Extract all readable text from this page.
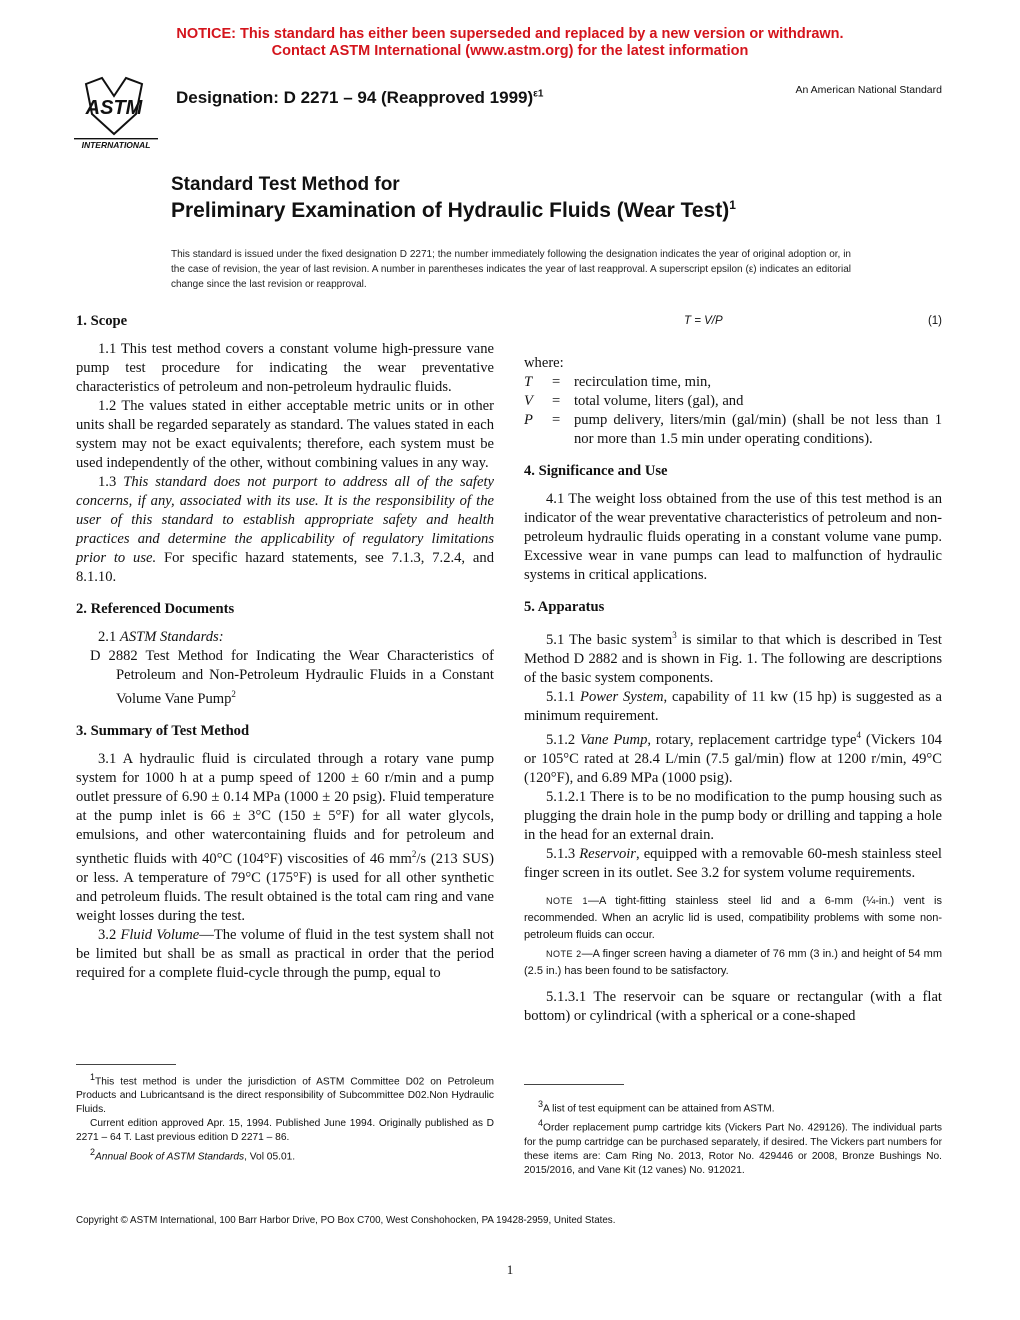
NOTICE: This standard has either been superseded and replaced by a new version or withdrawn.
Contact ASTM International (www.astm.org) for the latest information
ASTM
INTERNATIONAL
Designation: D 2271 – 94 (Reapproved 1999)$^{\varepsilon 1}$	An American National Standard
Standard Test Method for
Preliminary Examination of Hydraulic Fluids (Wear Test)$^1$
This standard is issued under the fixed designation D 2271; the number immediately following the designation indicates the year of original adoption or, in the case of revision, the year of last revision. A number in parentheses indicates the year of last reapproval. A superscript epsilon (ε) indicates an editorial change since the last revision or reapproval.
1. Scope

1.1 This test method covers a constant volume high-pressure vane pump test procedure for indicating the wear preventative characteristics of petroleum and non-petroleum hydraulic fluids.

1.2 The values stated in either acceptable metric units or in other units shall be regarded separately as standard. The values stated in each system may not be exact equivalents; therefore, each system must be used independently of the other, without combining values in any way.

1.3 This standard does not purport to address all of the safety concerns, if any, associated with its use. It is the responsibility of the user of this standard to establish appropriate safety and health practices and determine the applicability of regulatory limitations prior to use. For specific hazard statements, see 7.1.3, 7.2.4, and 8.1.10.

2. Referenced Documents

2.1 ASTM Standards:

D 2882 Test Method for Indicating the Wear Characteristics of Petroleum and Non-Petroleum Hydraulic Fluids in a Constant Volume Vane Pump$^2$

3. Summary of Test Method

3.1 A hydraulic fluid is circulated through a rotary vane pump system for 1000 h at a pump speed of 1200 ± 60 r/min and a pump outlet pressure of 6.90 ± 0.14 MPa (1000 ± 20 psig). Fluid temperature at the pump inlet is 66 ± 3°C (150 ± 5°F) for all water glycols, emulsions, and other watercontaining fluids and for petroleum and synthetic fluids with 40°C (104°F) viscosities of 46 $mm^2/s$ (213 SUS) or less. A temperature of 79°C (175°F) is used for all other synthetic and petroleum fluids. The result obtained is the total cam ring and vane weight losses during the test.

3.2 Fluid Volume—The volume of fluid in the test system shall not be limited but shall be as small as practical in order that the period required for a complete fluid-cycle through the pump, equal to

T = V/P	(1)

where:

T	=	recirculation time, min,
V	=	total volume, liters (gal), and
P	=	pump delivery, liters/min (gal/min) (shall be not less than 1 nor more than 1.5 min under operating conditions).
4. Significance and Use

4.1 The weight loss obtained from the use of this test method is an indicator of the wear preventative characteristics of petroleum and non-petroleum hydraulic fluids operating in a constant volume vane pump. Excessive wear in vane pumps can lead to malfunction of hydraulic systems in critical applications.

5. Apparatus

5.1 The basic system$^3$ is similar to that which is described in Test Method D 2882 and is shown in Fig. 1. The following are descriptions of the basic system components.

5.1.1 Power System, capability of 11 kw (15 hp) is suggested as a minimum requirement.

5.1.2 Vane Pump, rotary, replacement cartridge type$^4$ (Vickers 104 or 105°C rated at 28.4 L/min (7.5 gal/min) flow at 1200 r/min, 49°C (120°F), and 6.89 MPa (1000 psig).

5.1.2.1 There is to be no modification to the pump housing such as plugging the drain hole in the pump body or drilling and tapping a hole in the head for an external drain.

5.1.3 Reservoir, equipped with a removable 60-mesh stainless steel finger screen in its outlet. See 3.2 for system volume requirements.

NOTE 1—A tight-fitting stainless steel lid and a 6-mm (¼-in.) vent is recommended. When an acrylic lid is used, compatibility problems with some non-petroleum fluids can occur.

NOTE 2—A finger screen having a diameter of 76 mm (3 in.) and height of 54 mm (2.5 in.) has been found to be satisfactory.

5.1.3.1 The reservoir can be square or rectangular (with a flat bottom) or cylindrical (with a spherical or a cone-shaped

$^1$This test method is under the jurisdiction of ASTM Committee D02 on Petroleum Products and Lubricantsand is the direct responsibility of Subcommittee D02.Non Hydraulic Fluids.

Current edition approved Apr. 15, 1994. Published June 1994. Originally published as D 2271 – 64 T. Last previous edition D 2271 – 86.

$^2$Annual Book of ASTM Standards, Vol 05.01.

$^3$A list of test equipment can be attained from ASTM.

$^4$Order replacement pump cartridge kits (Vickers Part No. 429126). The individual parts for the pump cartridge can be purchased separately, if desired. The Vickers part numbers for these items are: Cam Ring No. 2013, Rotor No. 429446 or 2008, Bronze Bushings No. 2015/2016, and Vane Kit (12 vanes) No. 912021.

Copyright © ASTM International, 100 Barr Harbor Drive, PO Box C700, West Conshohocken, PA 19428-2959, United States.
1
